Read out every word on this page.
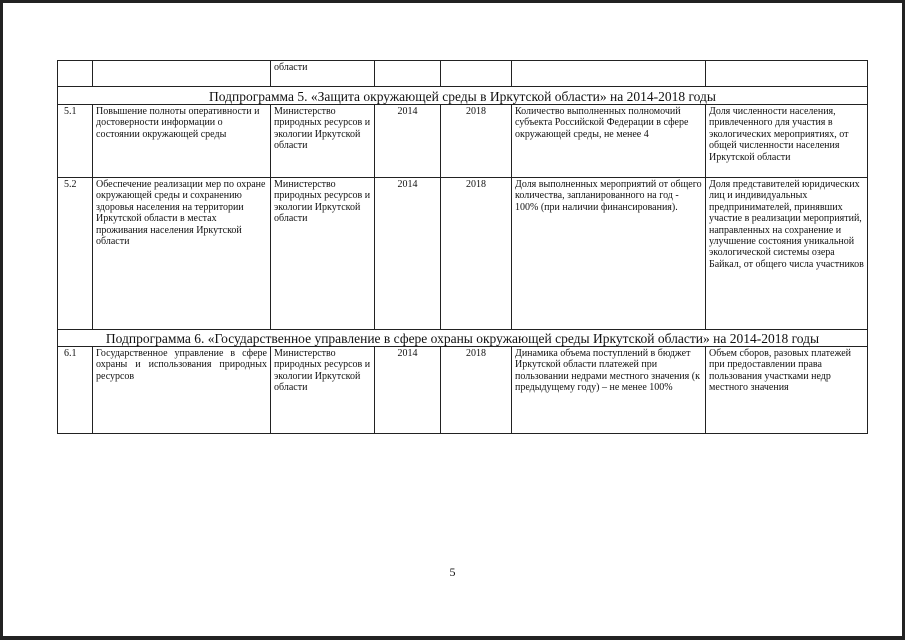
		области				
Подпрограмма 5. «Защита окружающей среды в Иркутской области» на 2014-2018 годы						
5.1	Повышение полноты оперативности и достоверности информации о состоянии окружающей среды	Министерство природных ресурсов и экологии Иркутской области	2014	2018	Количество выполненных полномочий субъекта Российской Федерации в сфере окружающей среды, не менее 4	Доля численности населения, привлеченного для участия в экологических мероприятиях, от общей численности населения Иркутской области
5.2	Обеспечение реализации мер по охране окружающей среды и сохранению здоровья населения на территории Иркутской области в местах проживания населения Иркутской области	Министерство природных ресурсов и экологии Иркутской области	2014	2018	Доля выполненных мероприятий от общего количества, запланированного на год - 100% (при наличии финансирования).	Доля представителей юридических лиц и индивидуальных предпринимателей, принявших участие в реализации мероприятий, направленных на сохранение и улучшение состояния уникальной экологической системы озера Байкал, от общего числа участников
Подпрограмма 6. «Государственное управление в сфере охраны окружающей среды Иркутской области» на 2014-2018 годы						
6.1	Государственное управление в сфере охраны и использования природных ресурсов	Министерство природных ресурсов и экологии Иркутской области	2014	2018	Динамика объема поступлений в бюджет Иркутской области платежей при пользовании недрами местного значения (к предыдущему году) – не менее 100%	Объем сборов, разовых платежей при предоставлении права пользования участками недр местного значения
5
